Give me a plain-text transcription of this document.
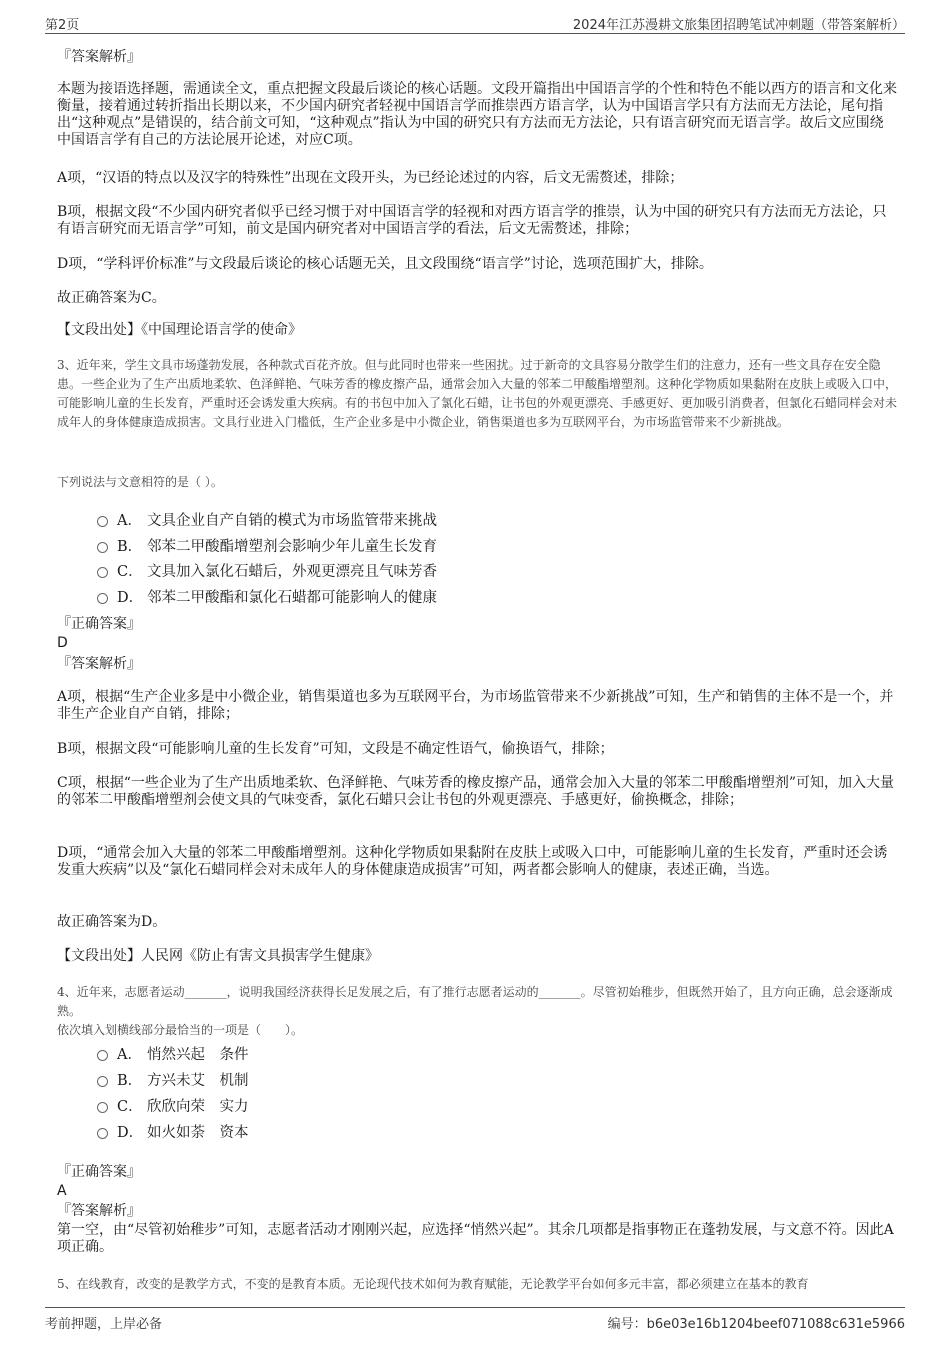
第2页	2024年江苏漫耕文旅集团招聘笔试冲刺题（带答案解析）
『答案解析』
本题为接语选择题，需通读全文，重点把握文段最后谈论的核心话题。文段开篇指出中国语言学的个性和特色不能以西方的语言和文化来衡量，接着通过转折指出长期以来，不少国内研究者轻视中国语言学而推崇西方语言学，认为中国语言学只有方法而无方法论，尾句指出“这种观点”是错误的，结合前文可知，“这种观点”指认为中国的研究只有方法而无方法论，只有语言研究而无语言学。故后文应围绕中国语言学有自己的方法论展开论述，对应C项。
A项，“汉语的特点以及汉字的特殊性”出现在文段开头，为已经论述过的内容，后文无需赘述，排除；
B项，根据文段“不少国内研究者似乎已经习惯于对中国语言学的轻视和对西方语言学的推崇，认为中国的研究只有方法而无方法论，只有语言研究而无语言学”可知，前文是国内研究者对中国语言学的看法，后文无需赘述，排除；
D项，“学科评价标准”与文段最后谈论的核心话题无关，且文段围绕“语言学”讨论，选项范围扩大，排除。
故正确答案为C。
【文段出处】《中国理论语言学的使命》
3、近年来，学生文具市场蓬勃发展，各种款式百花齐放。但与此同时也带来一些困扰。过于新奇的文具容易分散学生们的注意力，还有一些文具存在安全隐患。一些企业为了生产出质地柔软、色泽鲜艳、气味芳香的橡皮擦产品，通常会加入大量的邻苯二甲酸酯增塑剂。这种化学物质如果黏附在皮肤上或吸入口中，可能影响儿童的生长发育，严重时还会诱发重大疾病。有的书包中加入了氯化石蜡，让书包的外观更漂亮、手感更好、更加吸引消费者，但氯化石蜡同样会对未成年人的身体健康造成损害。文具行业进入门槛低，生产企业多是中小微企业，销售渠道也多为互联网平台，为市场监管带来不少新挑战。
下列说法与文意相符的是（ ）。
A． 文具企业自产自销的模式为市场监管带来挑战
B． 邻苯二甲酸酯增塑剂会影响少年儿童生长发育
C． 文具加入氯化石蜡后，外观更漂亮且气味芳香
D． 邻苯二甲酸酯和氯化石蜡都可能影响人的健康
『正确答案』
D
『答案解析』
A项，根据“生产企业多是中小微企业，销售渠道也多为互联网平台，为市场监管带来不少新挑战”可知，生产和销售的主体不是一个，并非生产企业自产自销，排除；
B项，根据文段“可能影响儿童的生长发育”可知，文段是不确定性语气，偷换语气，排除；
C项，根据“一些企业为了生产出质地柔软、色泽鲜艳、气味芳香的橡皮擦产品，通常会加入大量的邻苯二甲酸酯增塑剂”可知，加入大量的邻苯二甲酸酯增塑剂会使文具的气味变香，氯化石蜡只会让书包的外观更漂亮、手感更好，偷换概念，排除；
D项，“通常会加入大量的邻苯二甲酸酯增塑剂。这种化学物质如果黏附在皮肤上或吸入口中，可能影响儿童的生长发育，严重时还会诱发重大疾病”以及“氯化石蜡同样会对未成年人的身体健康造成损害”可知，两者都会影响人的健康，表述正确，当选。
故正确答案为D。
【文段出处】人民网《防止有害文具损害学生健康》
4、近年来，志愿者运动_______，说明我国经济获得长足发展之后，有了推行志愿者运动的_______。尽管初始稚步，但既然开始了，且方向正确，总会逐渐成熟。
依次填入划横线部分最恰当的一项是（　　）。
A． 悄然兴起　条件
B． 方兴未艾　机制
C． 欣欣向荣　实力
D． 如火如荼　资本
『正确答案』
A
『答案解析』
第一空，由“尽管初始稚步”可知，志愿者活动才刚刚兴起，应选择“悄然兴起”。其余几项都是指事物正在蓬勃发展，与文意不符。因此A项正确。
5、在线教育，改变的是教学方式，不变的是教育本质。无论现代技术如何为教育赋能，无论教学平台如何多元丰富，都必须建立在基本的教育
考前押题，上岸必备	编号：b6e03e16b1204beef071088c631e5966
